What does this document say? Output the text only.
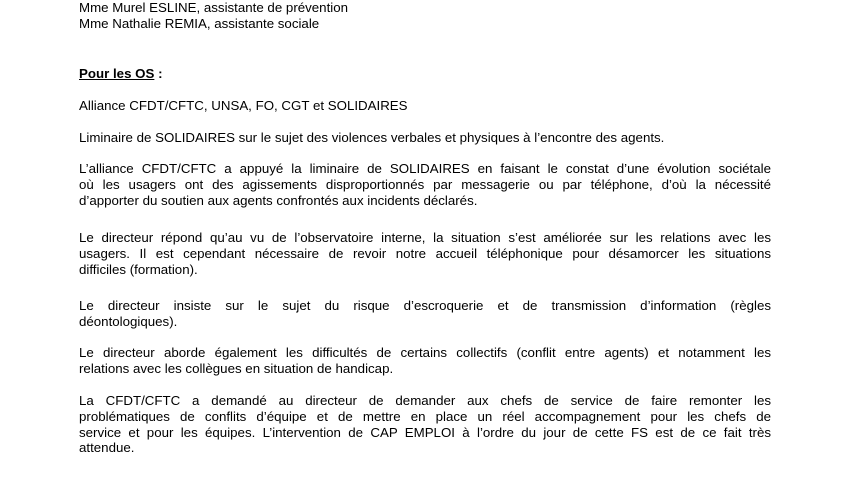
Mme Murel ESLINE, assistante de prévention

Mme Nathalie REMIA, assistante sociale

Pour les OS :

Alliance CFDT/CFTC, UNSA, FO, CGT et SOLIDAIRES

Liminaire de SOLIDAIRES sur le sujet des violences verbales et physiques à l’encontre des agents.
L’alliance CFDT/CFTC a appuyé la liminaire de SOLIDAIRES en faisant le constat d’une évolution sociétale
où les usagers ont des agissements disproportionnés par messagerie ou par téléphone, d’où la nécessité
d’apporter du soutien aux agents confrontés aux incidents déclarés.
Le directeur répond qu’au vu de l’observatoire interne, la situation s’est améliorée sur les relations avec les
usagers. Il est cependant nécessaire de revoir notre accueil téléphonique pour désamorcer les situations
difficiles (formation).
Le directeur insiste sur le sujet du risque d’escroquerie et de transmission d’information (règles
déontologiques).
Le directeur aborde également les difficultés de certains collectifs (conflit entre agents) et notamment les
relations avec les collègues en situation de handicap.
La CFDT/CFTC a demandé au directeur de demander aux chefs de service de faire remonter les
problématiques de conflits d’équipe et de mettre en place un réel accompagnement pour les chefs de
service et pour les équipes. L’intervention de CAP EMPLOI à l’ordre du jour de cette FS est de ce fait très
attendue.
